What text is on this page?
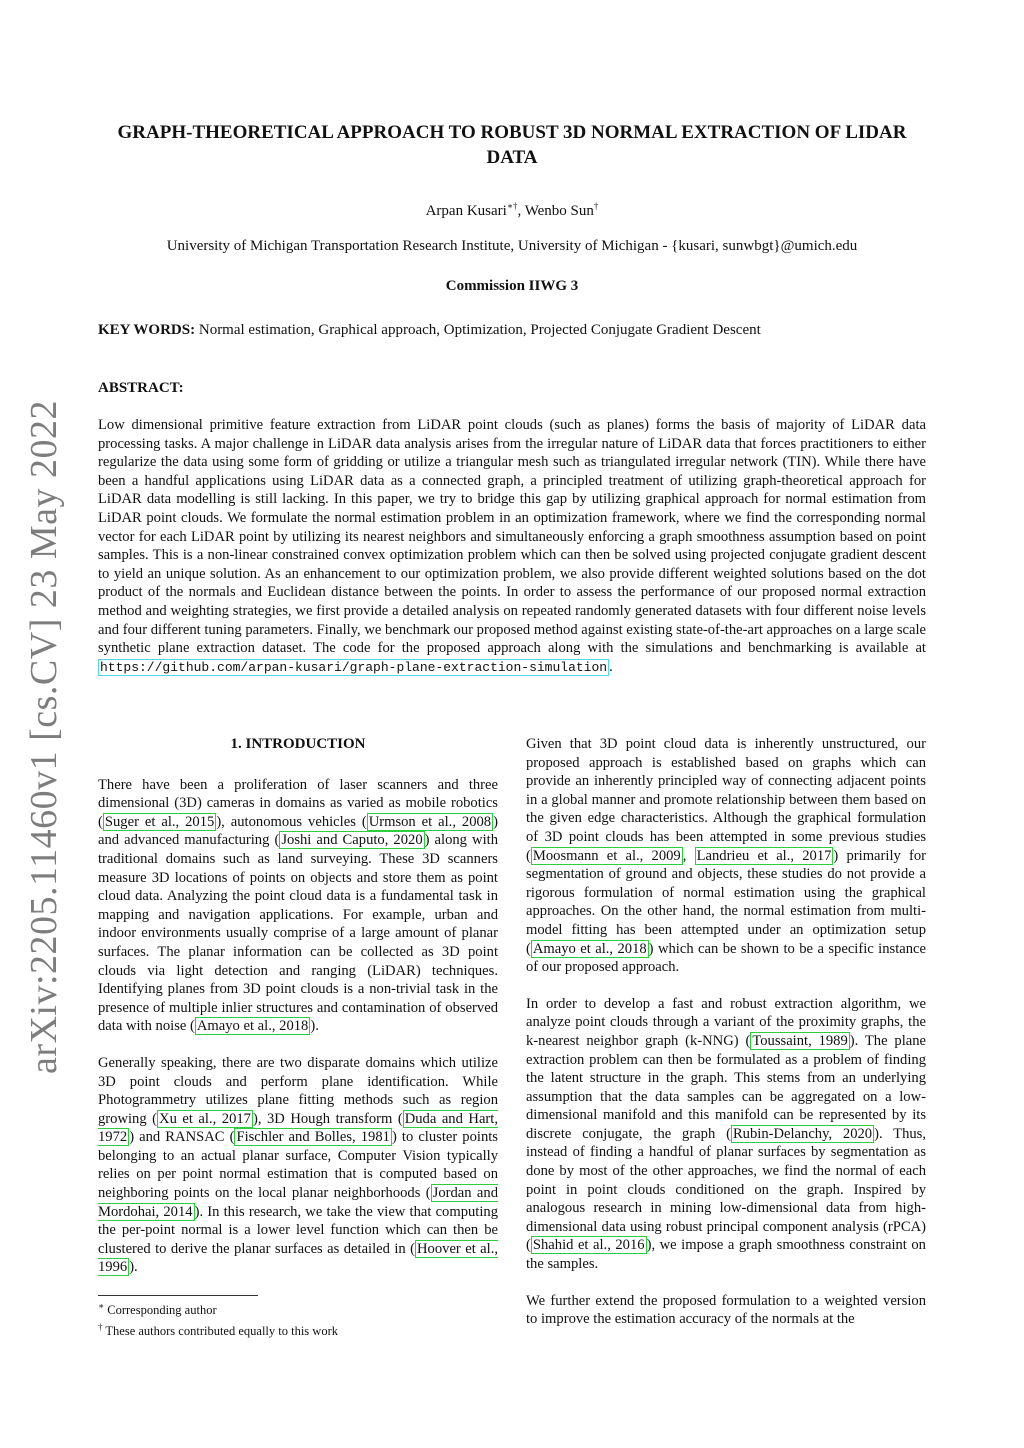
arXiv:2205.11460v1 [cs.CV] 23 May 2022
GRAPH-THEORETICAL APPROACH TO ROBUST 3D NORMAL EXTRACTION OF LIDAR DATA
Arpan Kusari∗†, Wenbo Sun†
University of Michigan Transportation Research Institute, University of Michigan - {kusari, sunwbgt}@umich.edu
Commission IIWG 3
KEY WORDS: Normal estimation, Graphical approach, Optimization, Projected Conjugate Gradient Descent
ABSTRACT:
Low dimensional primitive feature extraction from LiDAR point clouds (such as planes) forms the basis of majority of LiDAR data processing tasks. A major challenge in LiDAR data analysis arises from the irregular nature of LiDAR data that forces practitioners to either regularize the data using some form of gridding or utilize a triangular mesh such as triangulated irregular network (TIN). While there have been a handful applications using LiDAR data as a connected graph, a principled treatment of utilizing graph-theoretical approach for LiDAR data modelling is still lacking. In this paper, we try to bridge this gap by utilizing graphical approach for normal estimation from LiDAR point clouds. We formulate the normal estimation problem in an optimization framework, where we find the corresponding normal vector for each LiDAR point by utilizing its nearest neighbors and simultaneously enforcing a graph smoothness assumption based on point samples. This is a non-linear constrained convex optimization problem which can then be solved using projected conjugate gradient descent to yield an unique solution. As an enhancement to our optimization problem, we also provide different weighted solutions based on the dot product of the normals and Euclidean distance between the points. In order to assess the performance of our proposed normal extraction method and weighting strategies, we first provide a detailed analysis on repeated randomly generated datasets with four different noise levels and four different tuning parameters. Finally, we benchmark our proposed method against existing state-of-the-art approaches on a large scale synthetic plane extraction dataset. The code for the proposed approach along with the simulations and benchmarking is available at https://github.com/arpan-kusari/graph-plane-extraction-simulation .
1. INTRODUCTION

There have been a proliferation of laser scanners and three dimensional (3D) cameras in domains as varied as mobile robotics ( Suger et al., 2015 ), autonomous vehicles ( Urmson et al., 2008 ) and advanced manufacturing ( Joshi and Caputo, 2020 ) along with traditional domains such as land surveying. These 3D scanners measure 3D locations of points on objects and store them as point cloud data. Analyzing the point cloud data is a fundamental task in mapping and navigation applications. For example, urban and indoor environments usually comprise of a large amount of planar surfaces. The planar information can be collected as 3D point clouds via light detection and ranging (LiDAR) techniques. Identifying planes from 3D point clouds is a non-trivial task in the presence of multiple inlier structures and contamination of observed data with noise ( Amayo et al., 2018 ).

Generally speaking, there are two disparate domains which utilize 3D point clouds and perform plane identification. While Photogrammetry utilizes plane fitting methods such as region growing ( Xu et al., 2017 ), 3D Hough transform ( Duda and Hart, 1972 ) and RANSAC ( Fischler and Bolles, 1981 ) to cluster points belonging to an actual planar surface, Computer Vision typically relies on per point normal estimation that is computed based on neighboring points on the local planar neighborhoods ( Jordan and Mordohai, 2014 ). In this research, we take the view that computing the per-point normal is a lower level function which can then be clustered to derive the planar surfaces as detailed in ( Hoover et al., 1996 ).

Given that 3D point cloud data is inherently unstructured, our proposed approach is established based on graphs which can provide an inherently principled way of connecting adjacent points in a global manner and promote relationship between them based on the given edge characteristics. Although the graphical formulation of 3D point clouds has been attempted in some previous studies ( Moosmann et al., 2009 , Landrieu et al., 2017 ) primarily for segmentation of ground and objects, these studies do not provide a rigorous formulation of normal estimation using the graphical approaches. On the other hand, the normal estimation from multi-model fitting has been attempted under an optimization setup ( Amayo et al., 2018 ) which can be shown to be a specific instance of our proposed approach.

In order to develop a fast and robust extraction algorithm, we analyze point clouds through a variant of the proximity graphs, the k-nearest neighbor graph (k-NNG) ( Toussaint, 1989 ). The plane extraction problem can then be formulated as a problem of finding the latent structure in the graph. This stems from an underlying assumption that the data samples can be aggregated on a low-dimensional manifold and this manifold can be represented by its discrete conjugate, the graph ( Rubin-Delanchy, 2020 ). Thus, instead of finding a handful of planar surfaces by segmentation as done by most of the other approaches, we find the normal of each point in point clouds conditioned on the graph. Inspired by analogous research in mining low-dimensional data from high-dimensional data using robust principal component analysis (rPCA) ( Shahid et al., 2016 ), we impose a graph smoothness constraint on the samples.

We further extend the proposed formulation to a weighted version to improve the estimation accuracy of the normals at the

∗ Corresponding author
† These authors contributed equally to this work
